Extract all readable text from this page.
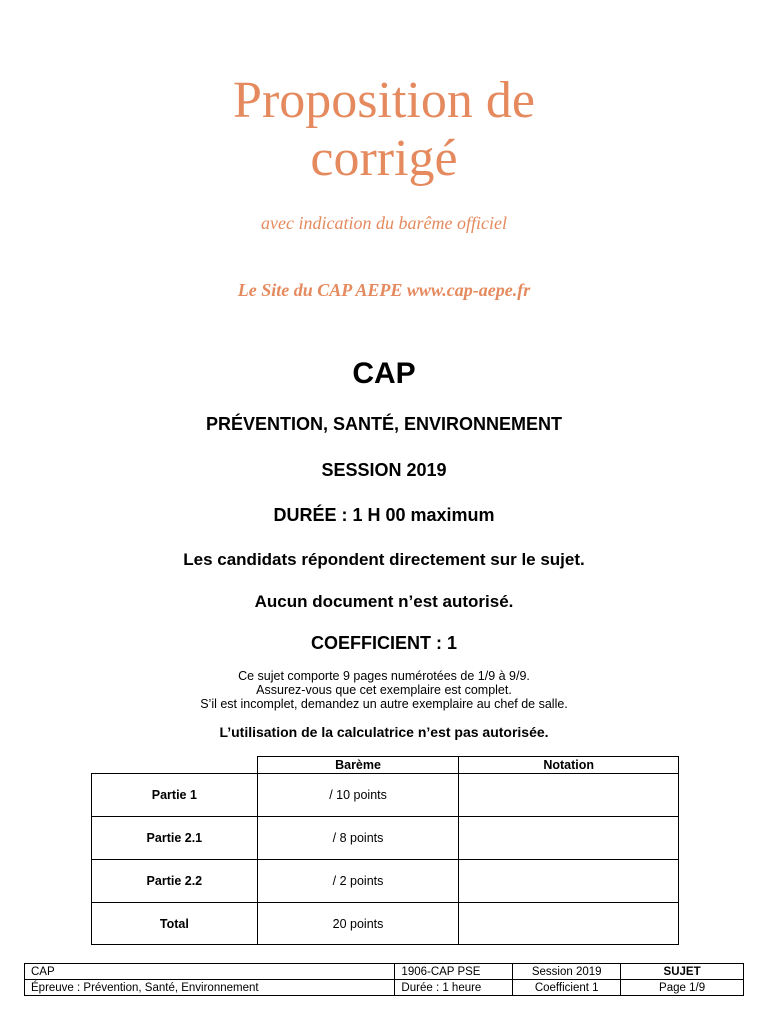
Proposition de
corrigé
avec indication du barême officiel
Le Site du CAP AEPE www.cap-aepe.fr
CAP
PRÉVENTION, SANTÉ, ENVIRONNEMENT
SESSION 2019
DURÉE : 1 H 00 maximum
Les candidats répondent directement sur le sujet.
Aucun document n’est autorisé.
COEFFICIENT : 1
Ce sujet comporte 9 pages numérotées de 1/9 à 9/9.
Assurez-vous que cet exemplaire est complet.
S’il est incomplet, demandez un autre exemplaire au chef de salle.
L’utilisation de la calculatrice n’est pas autorisée.
	Barème	Notation
Partie 1	/ 10 points	
Partie 2.1	/ 8 points	
Partie 2.2	/ 2 points	
Total	20 points	
CAP	1906-CAP PSE	Session 2019	SUJET
Épreuve : Prévention, Santé, Environnement	Durée : 1 heure	Coefficient 1	Page 1/9
